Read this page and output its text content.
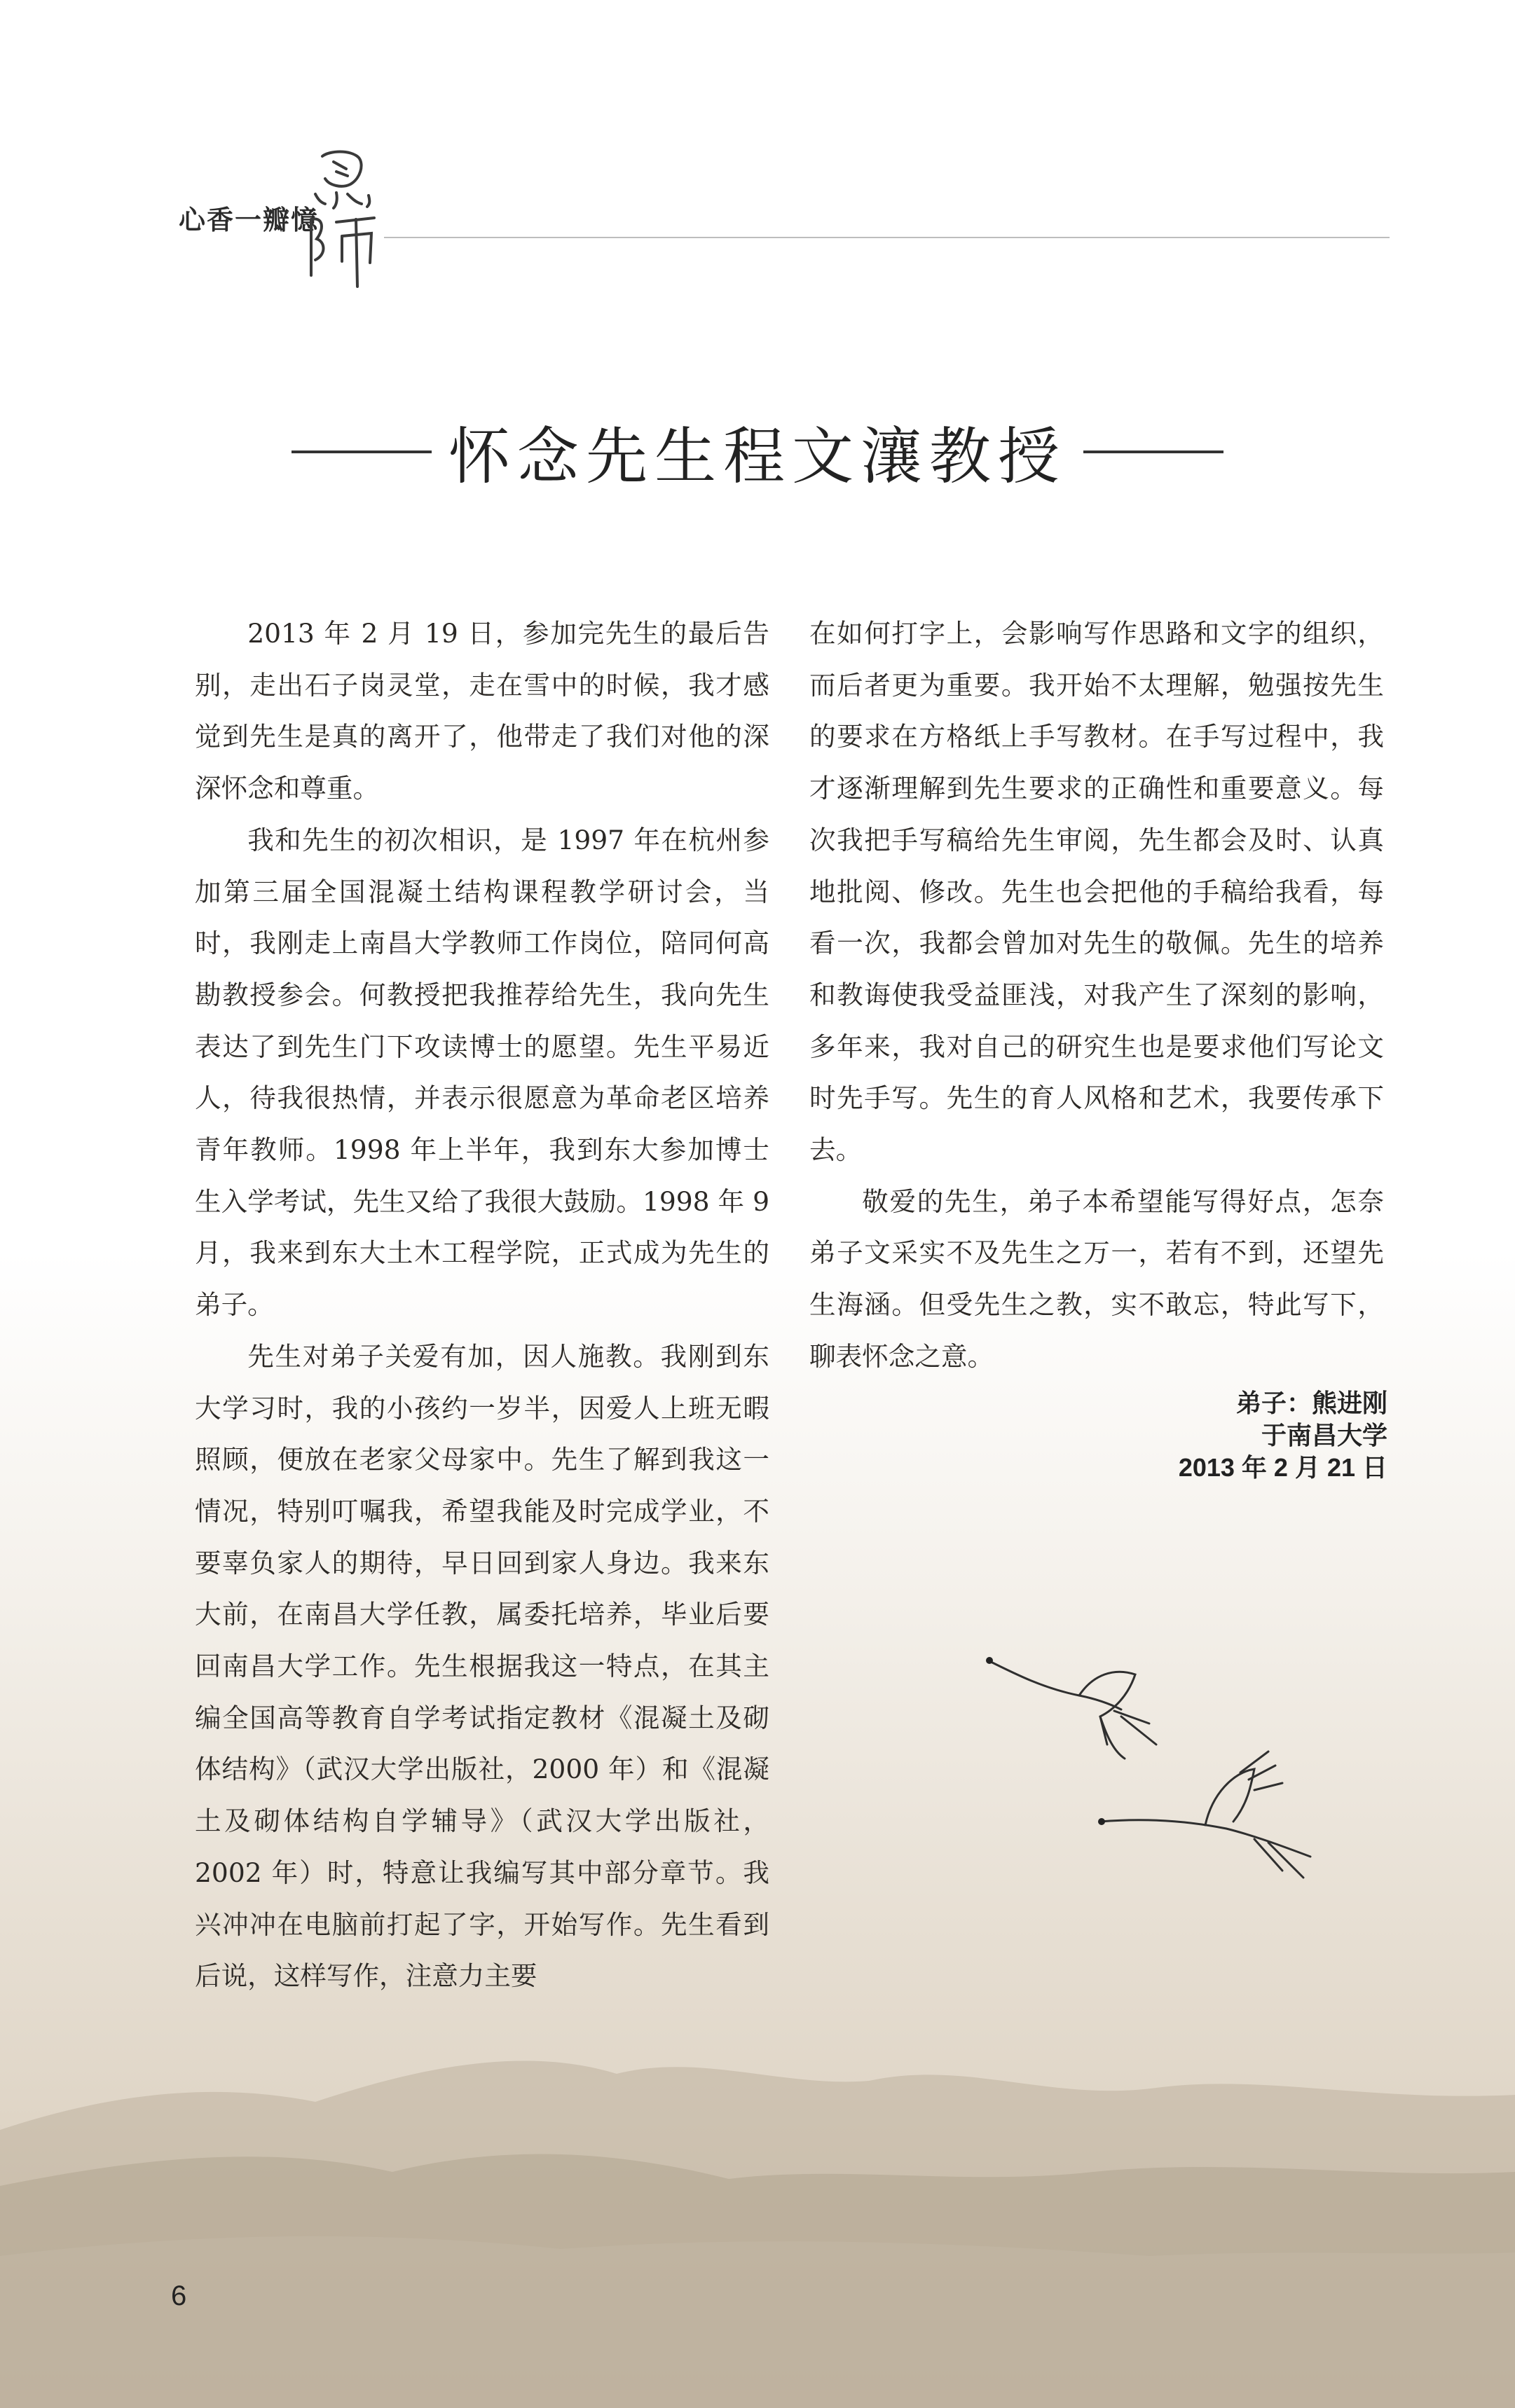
心香一瓣憶
怀念先生程文瀼教授

2013 年 2 月 19 日，参加完先生的最后告别，走出石子岗灵堂，走在雪中的时候，我才感觉到先生是真的离开了，他带走了我们对他的深深怀念和尊重。

我和先生的初次相识，是 1997 年在杭州参加第三届全国混凝土结构课程教学研讨会，当时，我刚走上南昌大学教师工作岗位，陪同何高勘教授参会。何教授把我推荐给先生，我向先生表达了到先生门下攻读博士的愿望。先生平易近人，待我很热情，并表示很愿意为革命老区培养青年教师。1998 年上半年，我到东大参加博士生入学考试，先生又给了我很大鼓励。1998 年 9 月，我来到东大土木工程学院，正式成为先生的弟子。

先生对弟子关爱有加，因人施教。我刚到东大学习时，我的小孩约一岁半，因爱人上班无暇照顾，便放在老家父母家中。先生了解到我这一情况，特别叮嘱我，希望我能及时完成学业，不要辜负家人的期待，早日回到家人身边。我来东大前，在南昌大学任教，属委托培养，毕业后要回南昌大学工作。先生根据我这一特点，在其主编全国高等教育自学考试指定教材《混凝土及砌体结构》（武汉大学出版社，2000 年）和《混凝土及砌体结构自学辅导》（武汉大学出版社，2002 年）时，特意让我编写其中部分章节。我兴冲冲在电脑前打起了字，开始写作。先生看到后说，这样写作，注意力主要

在如何打字上，会影响写作思路和文字的组织，而后者更为重要。我开始不太理解，勉强按先生的要求在方格纸上手写教材。在手写过程中，我才逐渐理解到先生要求的正确性和重要意义。每次我把手写稿给先生审阅，先生都会及时、认真地批阅、修改。先生也会把他的手稿给我看，每看一次，我都会曾加对先生的敬佩。先生的培养和教诲使我受益匪浅，对我产生了深刻的影响，多年来，我对自己的研究生也是要求他们写论文时先手写。先生的育人风格和艺术，我要传承下去。

敬爱的先生，弟子本希望能写得好点，怎奈弟子文采实不及先生之万一，若有不到，还望先生海涵。但受先生之教，实不敢忘，特此写下，聊表怀念之意。

弟子：熊进刚
于南昌大学
2013 年 2 月 21 日
6
